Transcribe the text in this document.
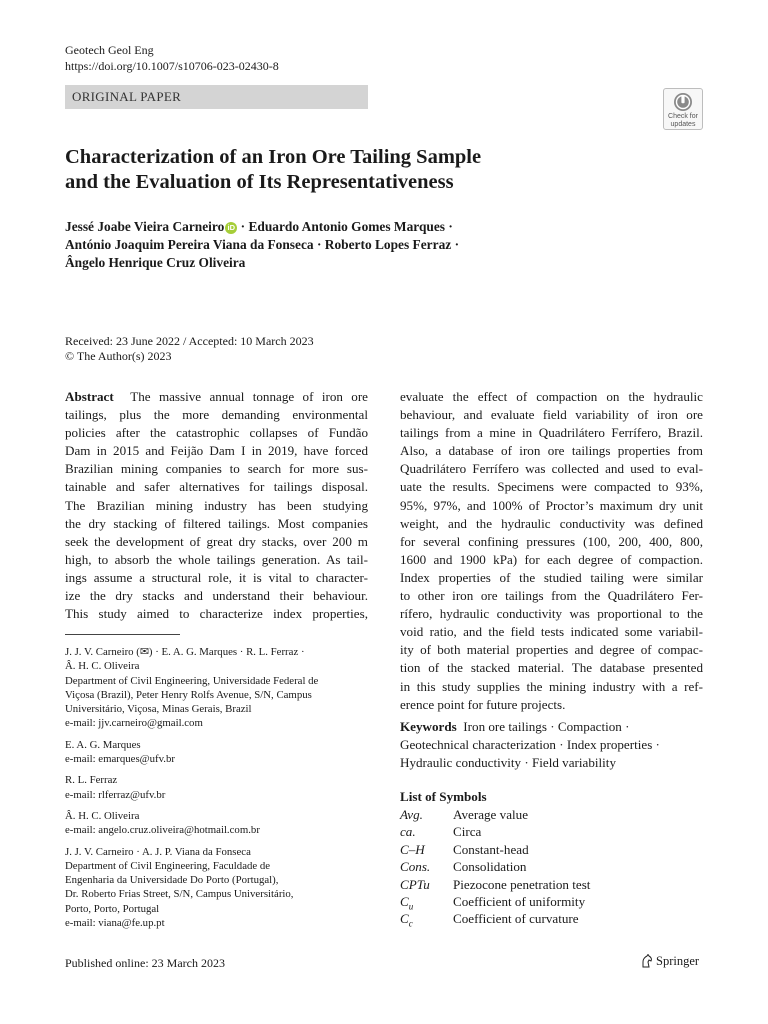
Geotech Geol Eng
https://doi.org/10.1007/s10706-023-02430-8
ORIGINAL PAPER
Check for
updates
Characterization of an Iron Ore Tailing Sample
and the Evaluation of Its Representativeness
Jessé Joabe Vieira Carneiro iD · Eduardo Antonio Gomes Marques ·
António Joaquim Pereira Viana da Fonseca · Roberto Lopes Ferraz ·
Ângelo Henrique Cruz Oliveira
Received: 23 June 2022 / Accepted: 10 March 2023
© The Author(s) 2023
Abstract  The massive annual tonnage of iron ore
tailings, plus the more demanding environmental
policies after the catastrophic collapses of Fundão
Dam in 2015 and Feijão Dam I in 2019, have forced
Brazilian mining companies to search for more sus-
tainable and safer alternatives for tailings disposal.
The Brazilian mining industry has been studying
the dry stacking of filtered tailings. Most companies
seek the development of great dry stacks, over 200 m
high, to absorb the whole tailings generation. As tail-
ings assume a structural role, it is vital to character-
ize the dry stacks and understand their behaviour.
This study aimed to characterize index properties,
J. J. V. Carneiro (✉) · E. A. G. Marques · R. L. Ferraz ·
Â. H. C. Oliveira
Department of Civil Engineering, Universidade Federal de
Viçosa (Brazil), Peter Henry Rolfs Avenue, S/N, Campus
Universitário, Viçosa, Minas Gerais, Brazil
e-mail: jjv.carneiro@gmail.com
E. A. G. Marques
e-mail: emarques@ufv.br
R. L. Ferraz
e-mail: rlferraz@ufv.br
Â. H. C. Oliveira
e-mail: angelo.cruz.oliveira@hotmail.com.br
J. J. V. Carneiro · A. J. P. Viana da Fonseca
Department of Civil Engineering, Faculdade de
Engenharia da Universidade Do Porto (Portugal),
Dr. Roberto Frias Street, S/N, Campus Universitário,
Porto, Porto, Portugal
e-mail: viana@fe.up.pt
evaluate the effect of compaction on the hydraulic
behaviour, and evaluate field variability of iron ore
tailings from a mine in Quadrilátero Ferrífero, Brazil.
Also, a database of iron ore tailings properties from
Quadrilátero Ferrífero was collected and used to eval-
uate the results. Specimens were compacted to 93%,
95%, 97%, and 100% of Proctor’s maximum dry unit
weight, and the hydraulic conductivity was defined
for several confining pressures (100, 200, 400, 800,
1600 and 1900 kPa) for each degree of compaction.
Index properties of the studied tailing were similar
to other iron ore tailings from the Quadrilátero Fer-
rífero, hydraulic conductivity was proportional to the
void ratio, and the field tests indicated some variabil-
ity of both material properties and degree of compac-
tion of the stacked material. The database presented
in this study supplies the mining industry with a ref-
erence point for future projects.
Keywords  Iron ore tailings · Compaction ·
Geotechnical characterization · Index properties ·
Hydraulic conductivity · Field variability
List of Symbols
Avg. Average value
ca.	Circa
C–H Constant-head
Cons. Consolidation
CPTu Piezocone penetration test
$C_u$	Coefficient of uniformity
$C_c$	Coefficient of curvature
Published online: 23 March 2023	Springer
